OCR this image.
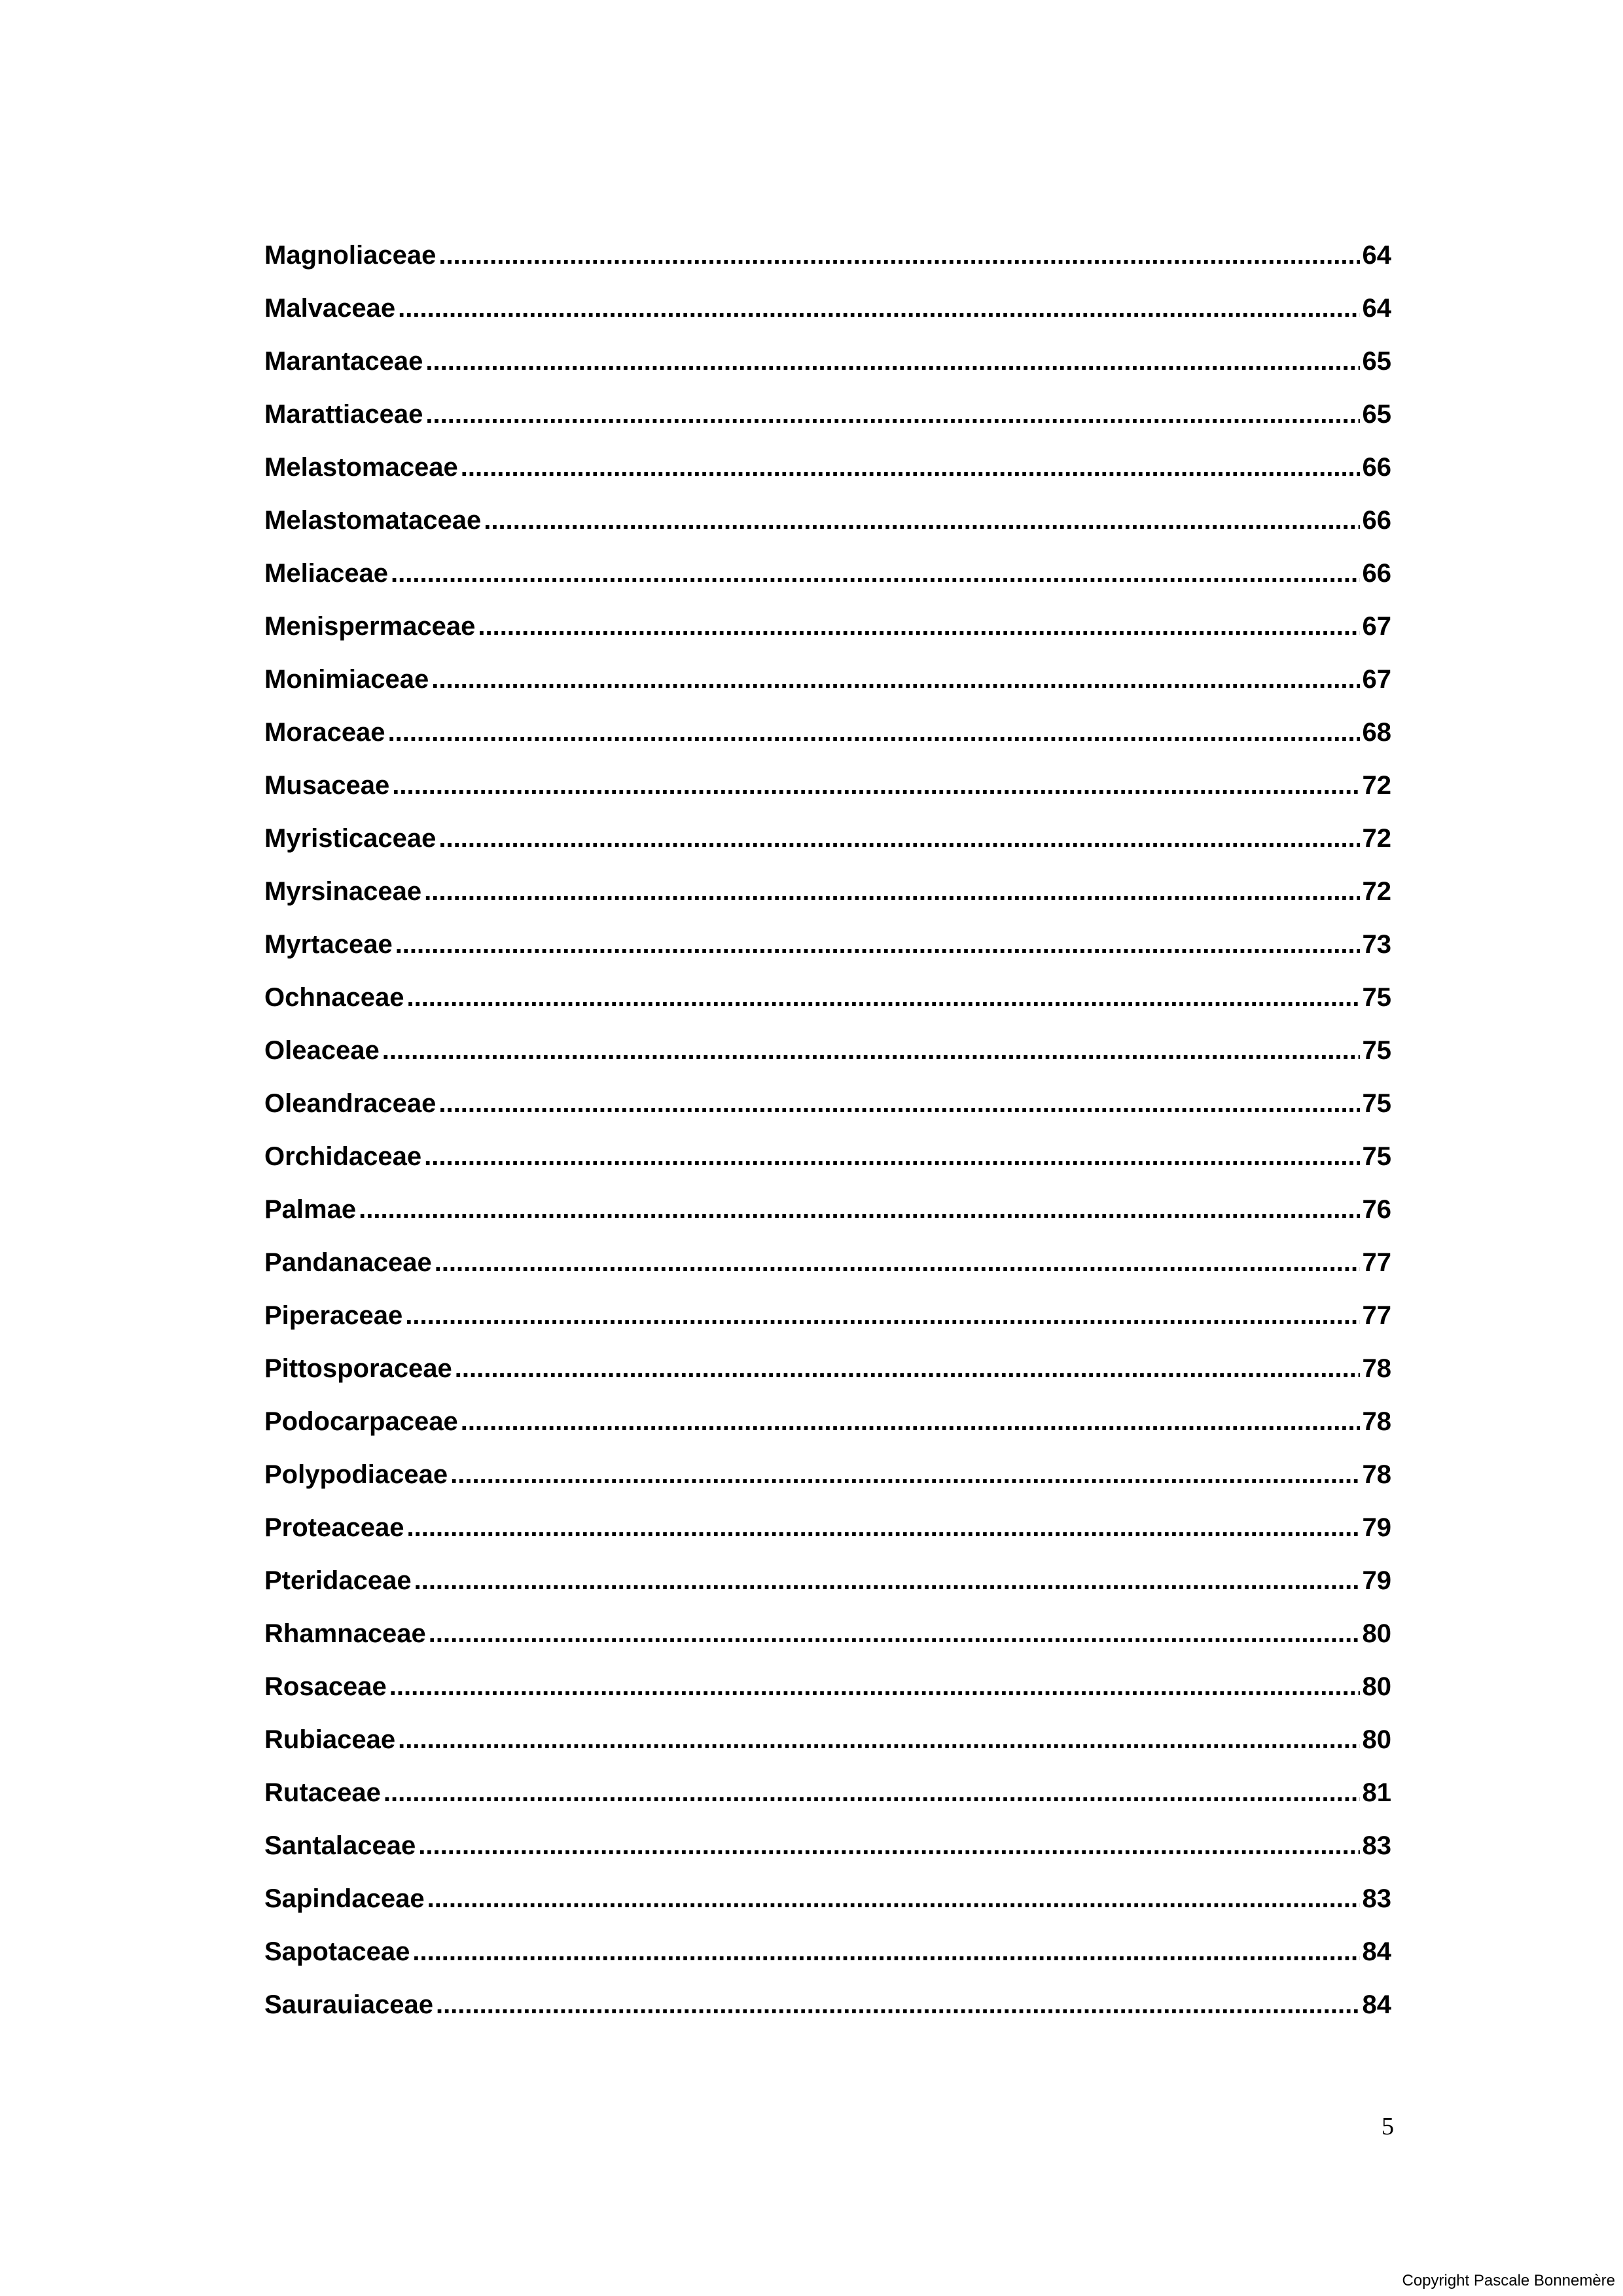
Magnoliaceae .....	64
Malvaceae .....	64
Marantaceae .....	65
Marattiaceae .....	65
Melastomaceae .....	66
Melastomataceae .....	66
Meliaceae .....	66
Menispermaceae .....	67
Monimiaceae .....	67
Moraceae .....	68
Musaceae .....	72
Myristicaceae .....	72
Myrsinaceae .....	72
Myrtaceae .....	73
Ochnaceae .....	75
Oleaceae .....	75
Oleandraceae .....	75
Orchidaceae .....	75
Palmae .....	76
Pandanaceae .....	77
Piperaceae .....	77
Pittosporaceae .....	78
Podocarpaceae .....	78
Polypodiaceae .....	78
Proteaceae .....	79
Pteridaceae .....	79
Rhamnaceae .....	80
Rosaceae .....	80
Rubiaceae .....	80
Rutaceae .....	81
Santalaceae .....	83
Sapindaceae .....	83
Sapotaceae .....	84
Saurauiaceae .....	84
5
Copyright Pascale Bonnemère
